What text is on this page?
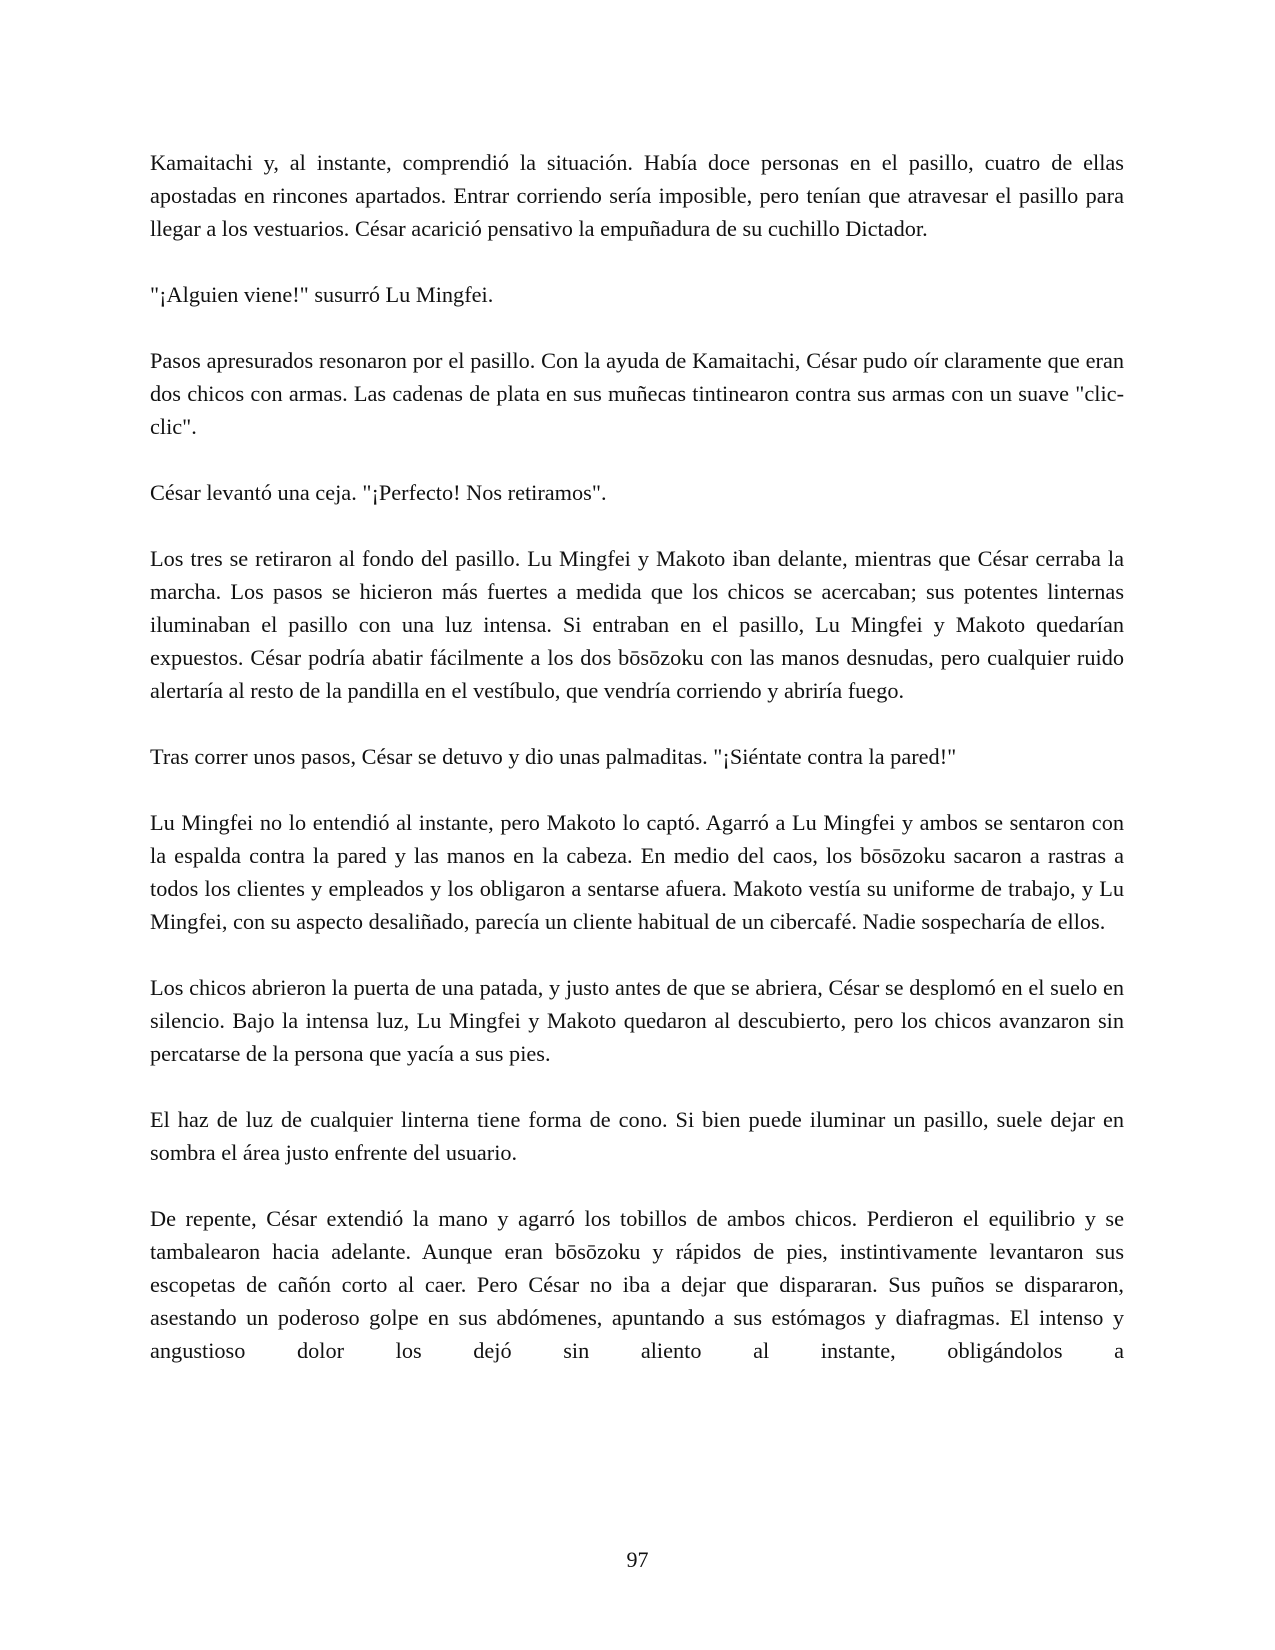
Kamaitachi y, al instante, comprendió la situación. Había doce personas en el pasillo, cuatro de ellas apostadas en rincones apartados. Entrar corriendo sería imposible, pero tenían que atravesar el pasillo para llegar a los vestuarios. César acarició pensativo la empuñadura de su cuchillo Dictador.

"¡Alguien viene!" susurró Lu Mingfei.

Pasos apresurados resonaron por el pasillo. Con la ayuda de Kamaitachi, César pudo oír claramente que eran dos chicos con armas. Las cadenas de plata en sus muñecas tintinearon contra sus armas con un suave "clic-clic".

César levantó una ceja. "¡Perfecto! Nos retiramos".

Los tres se retiraron al fondo del pasillo. Lu Mingfei y Makoto iban delante, mientras que César cerraba la marcha. Los pasos se hicieron más fuertes a medida que los chicos se acercaban; sus potentes linternas iluminaban el pasillo con una luz intensa. Si entraban en el pasillo, Lu Mingfei y Makoto quedarían expuestos. César podría abatir fácilmente a los dos bōsōzoku con las manos desnudas, pero cualquier ruido alertaría al resto de la pandilla en el vestíbulo, que vendría corriendo y abriría fuego.

Tras correr unos pasos, César se detuvo y dio unas palmaditas. "¡Siéntate contra la pared!"

Lu Mingfei no lo entendió al instante, pero Makoto lo captó. Agarró a Lu Mingfei y ambos se sentaron con la espalda contra la pared y las manos en la cabeza. En medio del caos, los bōsōzoku sacaron a rastras a todos los clientes y empleados y los obligaron a sentarse afuera. Makoto vestía su uniforme de trabajo, y Lu Mingfei, con su aspecto desaliñado, parecía un cliente habitual de un cibercafé. Nadie sospecharía de ellos.

Los chicos abrieron la puerta de una patada, y justo antes de que se abriera, César se desplomó en el suelo en silencio. Bajo la intensa luz, Lu Mingfei y Makoto quedaron al descubierto, pero los chicos avanzaron sin percatarse de la persona que yacía a sus pies.

El haz de luz de cualquier linterna tiene forma de cono. Si bien puede iluminar un pasillo, suele dejar en sombra el área justo enfrente del usuario.

De repente, César extendió la mano y agarró los tobillos de ambos chicos. Perdieron el equilibrio y se tambalearon hacia adelante. Aunque eran bōsōzoku y rápidos de pies, instintivamente levantaron sus escopetas de cañón corto al caer. Pero César no iba a dejar que dispararan. Sus puños se dispararon, asestando un poderoso golpe en sus abdómenes, apuntando a sus estómagos y diafragmas. El intenso y angustioso dolor los dejó sin aliento al instante, obligándolos a

97
